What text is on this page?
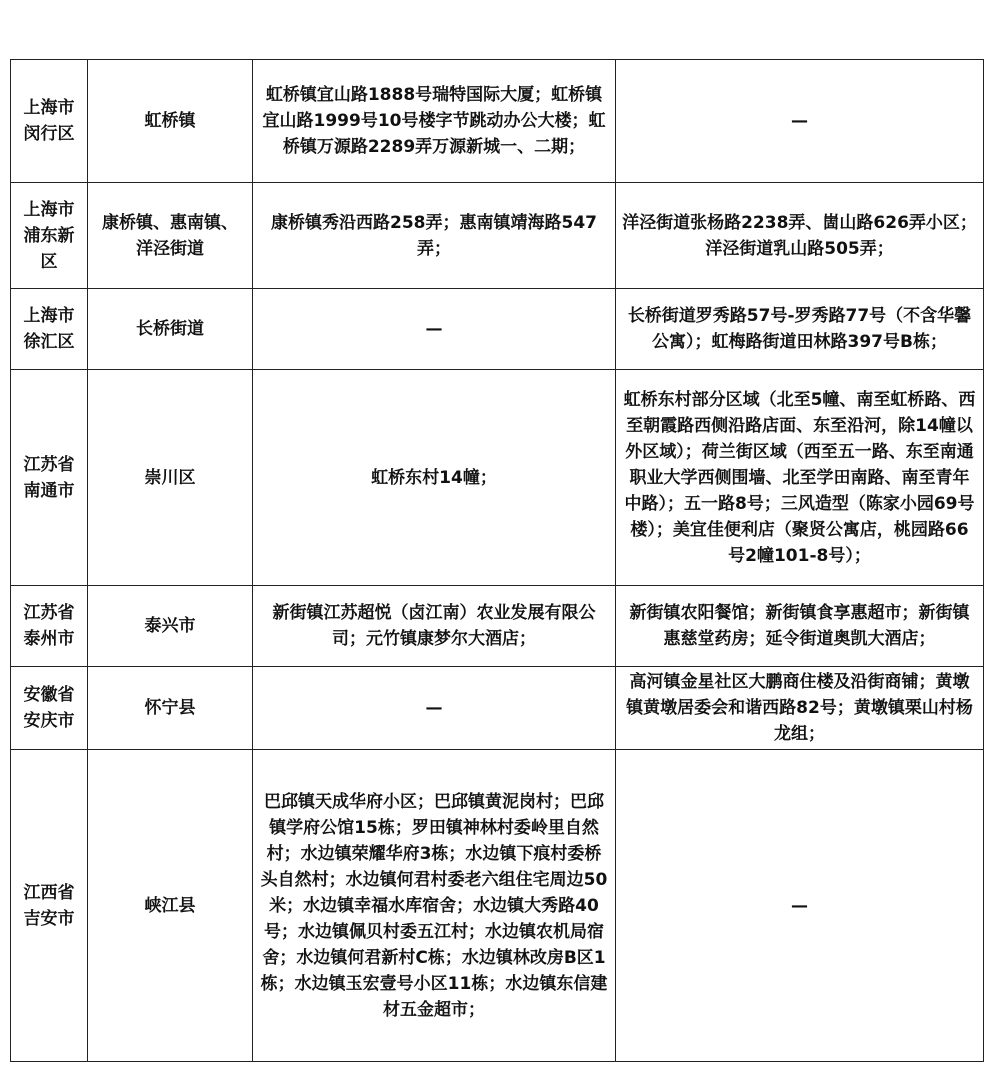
上海市闵行区	虹桥镇	虹桥镇宜山路1888号瑞特国际大厦；虹桥镇宜山路1999号10号楼字节跳动办公大楼；虹桥镇万源路2289弄万源新城一、二期；	—
上海市浦东新区	康桥镇、惠南镇、洋泾街道	康桥镇秀沿西路258弄；惠南镇靖海路547弄；	洋泾街道张杨路2238弄、崮山路626弄小区；洋泾街道乳山路505弄；
上海市徐汇区	长桥街道	—	长桥街道罗秀路57号-罗秀路77号（不含华馨公寓）；虹梅路街道田林路397号B栋；
江苏省南通市	崇川区	虹桥东村14幢；	虹桥东村部分区域（北至5幢、南至虹桥路、西至朝霞路西侧沿路店面、东至沿河，除14幢以外区域）；荷兰街区域（西至五一路、东至南通职业大学西侧围墙、北至学田南路、南至青年中路）；五一路8号；三风造型（陈家小园69号楼）；美宜佳便利店（聚贤公寓店，桃园路66号2幢101-8号）；
江苏省泰州市	泰兴市	新街镇江苏超悦（卤江南）农业发展有限公司；元竹镇康梦尔大酒店；	新街镇农阳餐馆；新街镇食享惠超市；新街镇惠慈堂药房；延令街道奥凯大酒店；
安徽省安庆市	怀宁县	—	高河镇金星社区大鹏商住楼及沿街商铺；黄墩镇黄墩居委会和谐西路82号；黄墩镇栗山村杨龙组；
江西省吉安市	峡江县	巴邱镇天成华府小区；巴邱镇黄泥岗村；巴邱镇学府公馆15栋；罗田镇神林村委岭里自然村；水边镇荣耀华府3栋；水边镇下痕村委桥头自然村；水边镇何君村委老六组住宅周边50米；水边镇幸福水库宿舍；水边镇大秀路40号；水边镇佩贝村委五江村；水边镇农机局宿舍；水边镇何君新村C栋；水边镇林改房B区1栋；水边镇玉宏壹号小区11栋；水边镇东信建材五金超市；	—
